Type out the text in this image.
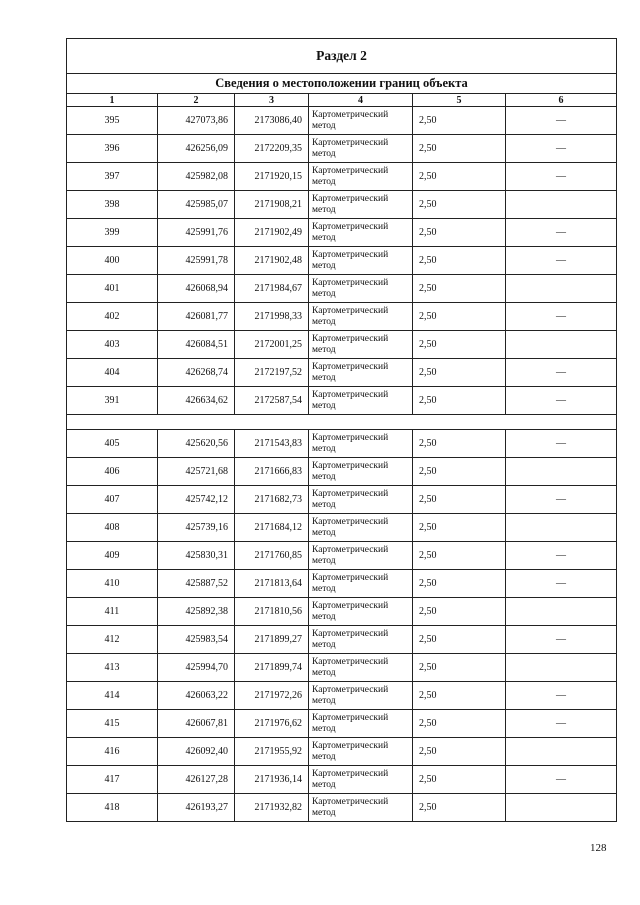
Раздел 2					
Сведения о местоположении границ объекта					
1	2	3	4	5	6
395	427073,86	2173086,40	Картометрический
метод	2,50	—
396	426256,09	2172209,35	Картометрический
метод	2,50	—
397	425982,08	2171920,15	Картометрический
метод	2,50	—
398	425985,07	2171908,21	Картометрический
метод	2,50	
399	425991,76	2171902,49	Картометрический
метод	2,50	—
400	425991,78	2171902,48	Картометрический
метод	2,50	—
401	426068,94	2171984,67	Картометрический
метод	2,50	
402	426081,77	2171998,33	Картометрический
метод	2,50	—
403	426084,51	2172001,25	Картометрический
метод	2,50	
404	426268,74	2172197,52	Картометрический
метод	2,50	—
391	426634,62	2172587,54	Картометрический
метод	2,50	—

405	425620,56	2171543,83	Картометрический
метод	2,50	—
406	425721,68	2171666,83	Картометрический
метод	2,50	
407	425742,12	2171682,73	Картометрический
метод	2,50	—
408	425739,16	2171684,12	Картометрический
метод	2,50	
409	425830,31	2171760,85	Картометрический
метод	2,50	—
410	425887,52	2171813,64	Картометрический
метод	2,50	—
411	425892,38	2171810,56	Картометрический
метод	2,50	
412	425983,54	2171899,27	Картометрический
метод	2,50	—
413	425994,70	2171899,74	Картометрический
метод	2,50	
414	426063,22	2171972,26	Картометрический
метод	2,50	—
415	426067,81	2171976,62	Картометрический
метод	2,50	—
416	426092,40	2171955,92	Картометрический
метод	2,50	
417	426127,28	2171936,14	Картометрический
метод	2,50	—
418	426193,27	2171932,82	Картометрический
метод	2,50	
128
